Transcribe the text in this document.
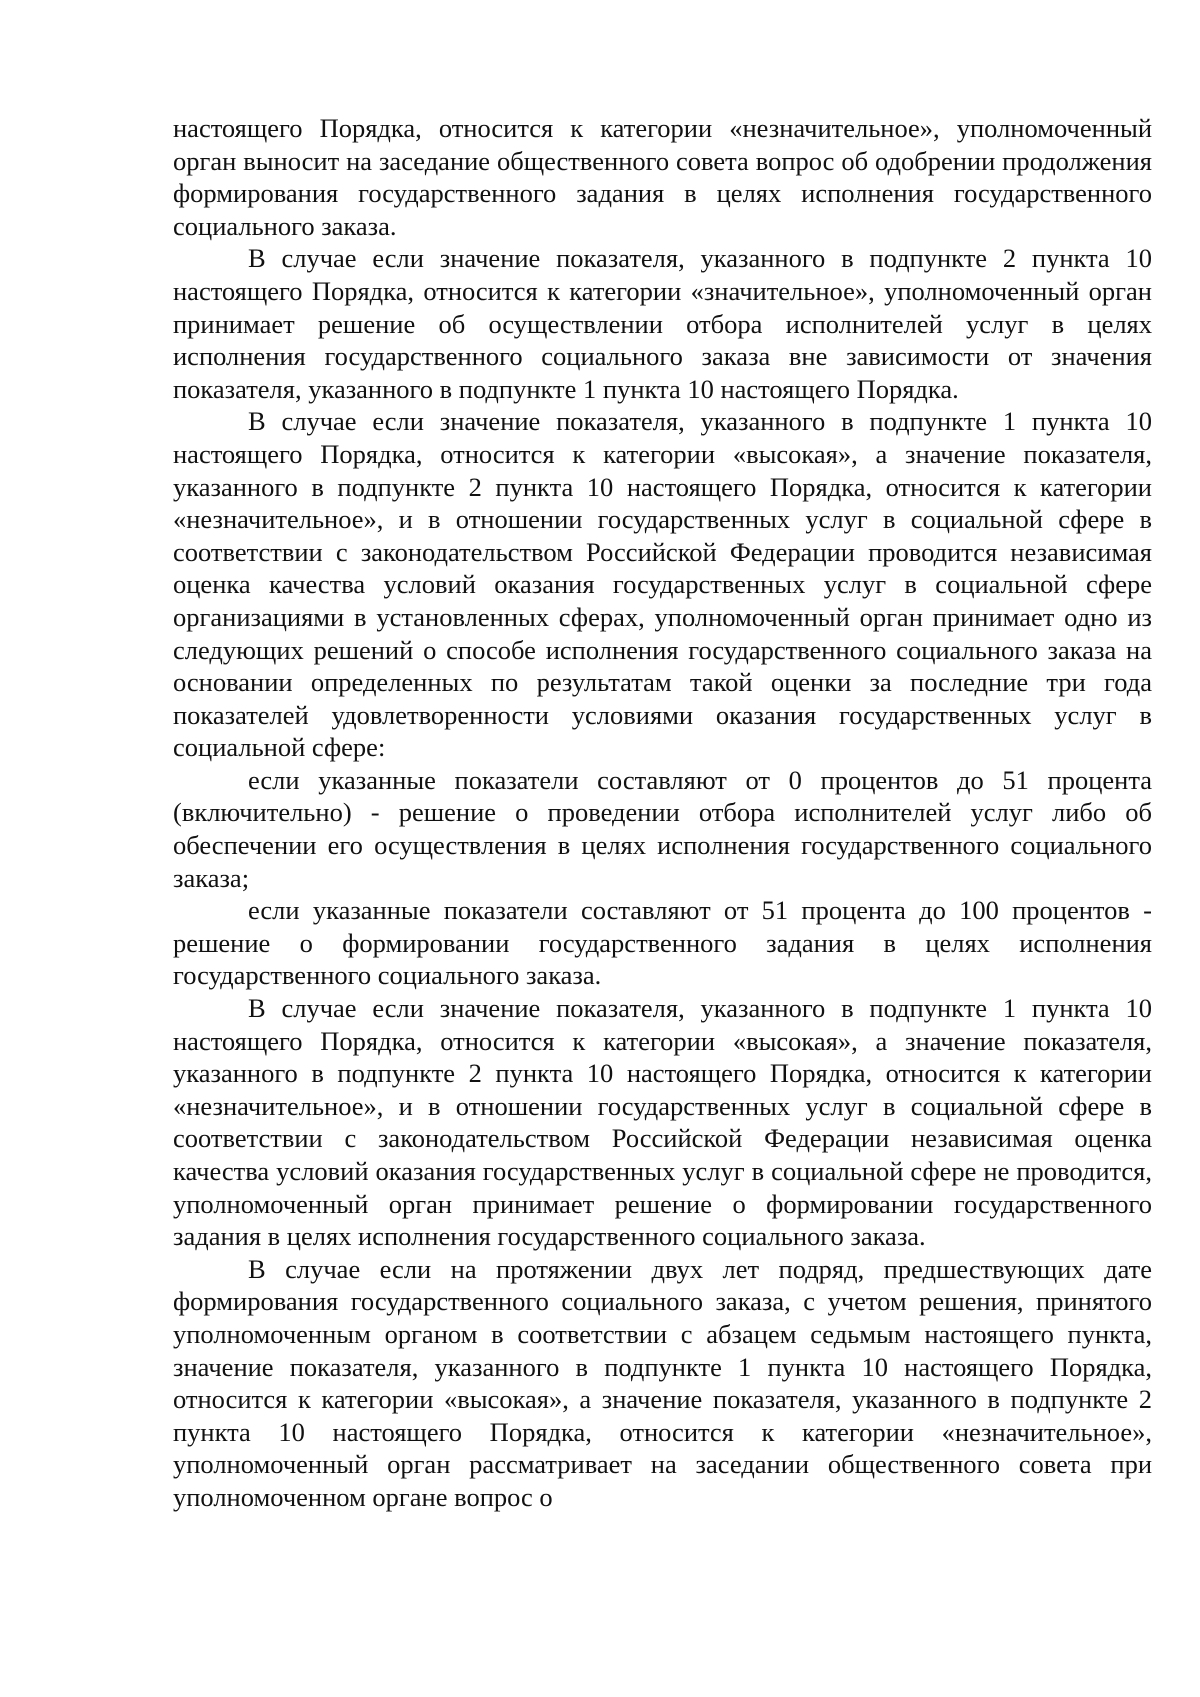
настоящего Порядка, относится к категории «незначительное», уполномоченный орган выносит на заседание общественного совета вопрос об одобрении продолжения формирования государственного задания в целях исполнения государственного социального заказа.

В случае если значение показателя, указанного в подпункте 2 пункта 10 настоящего Порядка, относится к категории «значительное», уполномоченный орган принимает решение об осуществлении отбора исполнителей услуг в целях исполнения государственного социального заказа вне зависимости от значения показателя, указанного в подпункте 1 пункта 10 настоящего Порядка.

В случае если значение показателя, указанного в подпункте 1 пункта 10 настоящего Порядка, относится к категории «высокая», а значение показателя, указанного в подпункте 2 пункта 10 настоящего Порядка, относится к категории «незначительное», и в отношении государственных услуг в социальной сфере в соответствии с законодательством Российской Федерации проводится независимая оценка качества условий оказания государственных услуг в социальной сфере организациями в установленных сферах, уполномоченный орган принимает одно из следующих решений о способе исполнения государственного социального заказа на основании определенных по результатам такой оценки за последние три года показателей удовлетворенности условиями оказания государственных услуг в социальной сфере:

если указанные показатели составляют от 0 процентов до 51 процента (включительно) - решение о проведении отбора исполнителей услуг либо об обеспечении его осуществления в целях исполнения государственного социального заказа;

если указанные показатели составляют от 51 процента до 100 процентов - решение о формировании государственного задания в целях исполнения государственного социального заказа.

В случае если значение показателя, указанного в подпункте 1 пункта 10 настоящего Порядка, относится к категории «высокая», а значение показателя, указанного в подпункте 2 пункта 10 настоящего Порядка, относится к категории «незначительное», и в отношении государственных услуг в социальной сфере в соответствии с законодательством Российской Федерации независимая оценка качества условий оказания государственных услуг в социальной сфере не проводится, уполномоченный орган принимает решение о формировании государственного задания в целях исполнения государственного социального заказа.

В случае если на протяжении двух лет подряд, предшествующих дате формирования государственного социального заказа, с учетом решения, принятого уполномоченным органом в соответствии с абзацем седьмым настоящего пункта, значение показателя, указанного в подпункте 1 пункта 10 настоящего Порядка, относится к категории «высокая», а значение показателя, указанного в подпункте 2 пункта 10 настоящего Порядка, относится к категории «незначительное», уполномоченный орган рассматривает на заседании общественного совета при уполномоченном органе вопрос о
